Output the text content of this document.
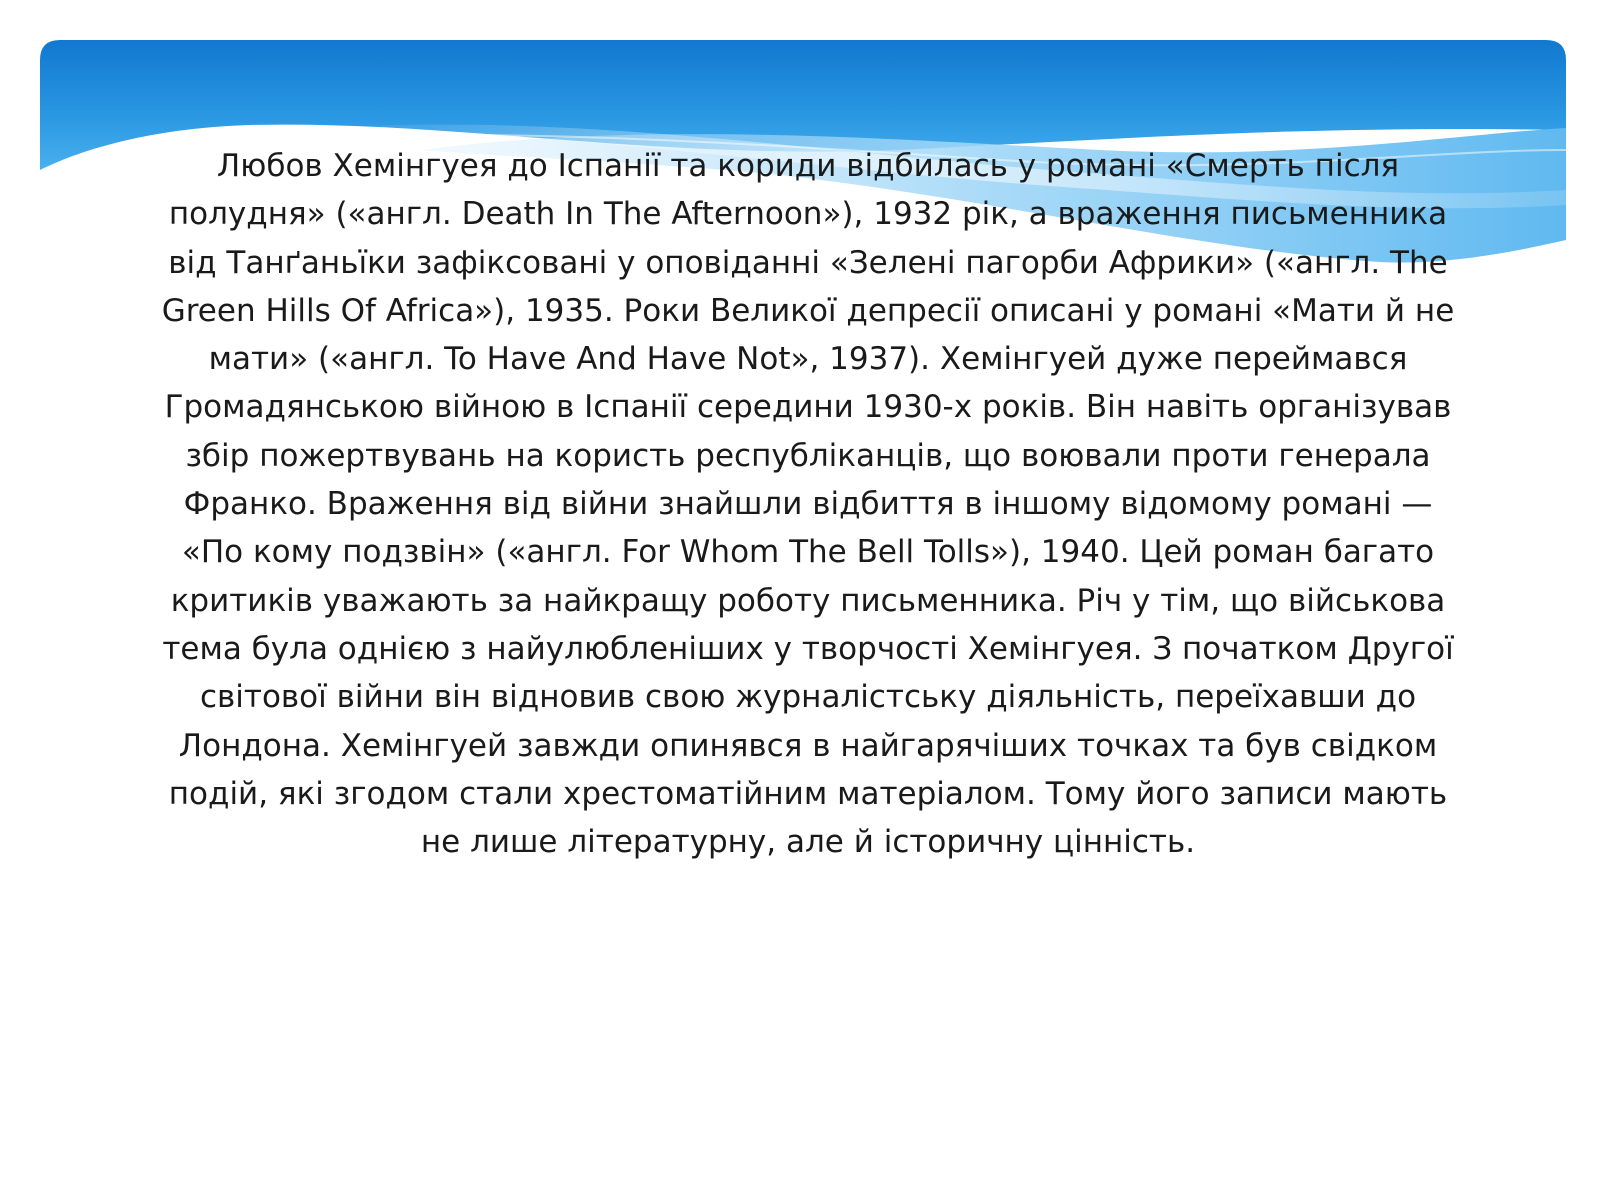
Любов Хемінгуея до Іспанії та кориди відбилась у романі «Смерть після полудня» («англ. Death In The Afternoon»), 1932 рік, а враження письменника від Танґаньїки зафіксовані у оповіданні «Зелені пагорби Африки» («англ. The Green Hills Of Africa»), 1935. Роки Великої депресії описані у романі «Мати й не мати» («англ. To Have And Have Not», 1937). Хемінгуей дуже переймався Громадянською війною в Іспанії середини 1930-х років. Він навіть організував збір пожертвувань на користь республіканців, що воювали проти генерала Франко. Враження від війни знайшли відбиття в іншому відомому романі — «По кому подзвін» («англ. For Whom The Bell Tolls»), 1940. Цей роман багато критиків уважають за найкращу роботу письменника. Річ у тім, що військова тема була однією з найулюбленіших у творчості Хемінгуея. З початком Другої світової війни він відновив свою журналістську діяльність, переїхавши до Лондона. Хемінгуей завжди опинявся в найгарячіших точках та був свідком подій, які згодом стали хрестоматійним матеріалом. Тому його записи мають не лише літературну, але й історичну цінність.
